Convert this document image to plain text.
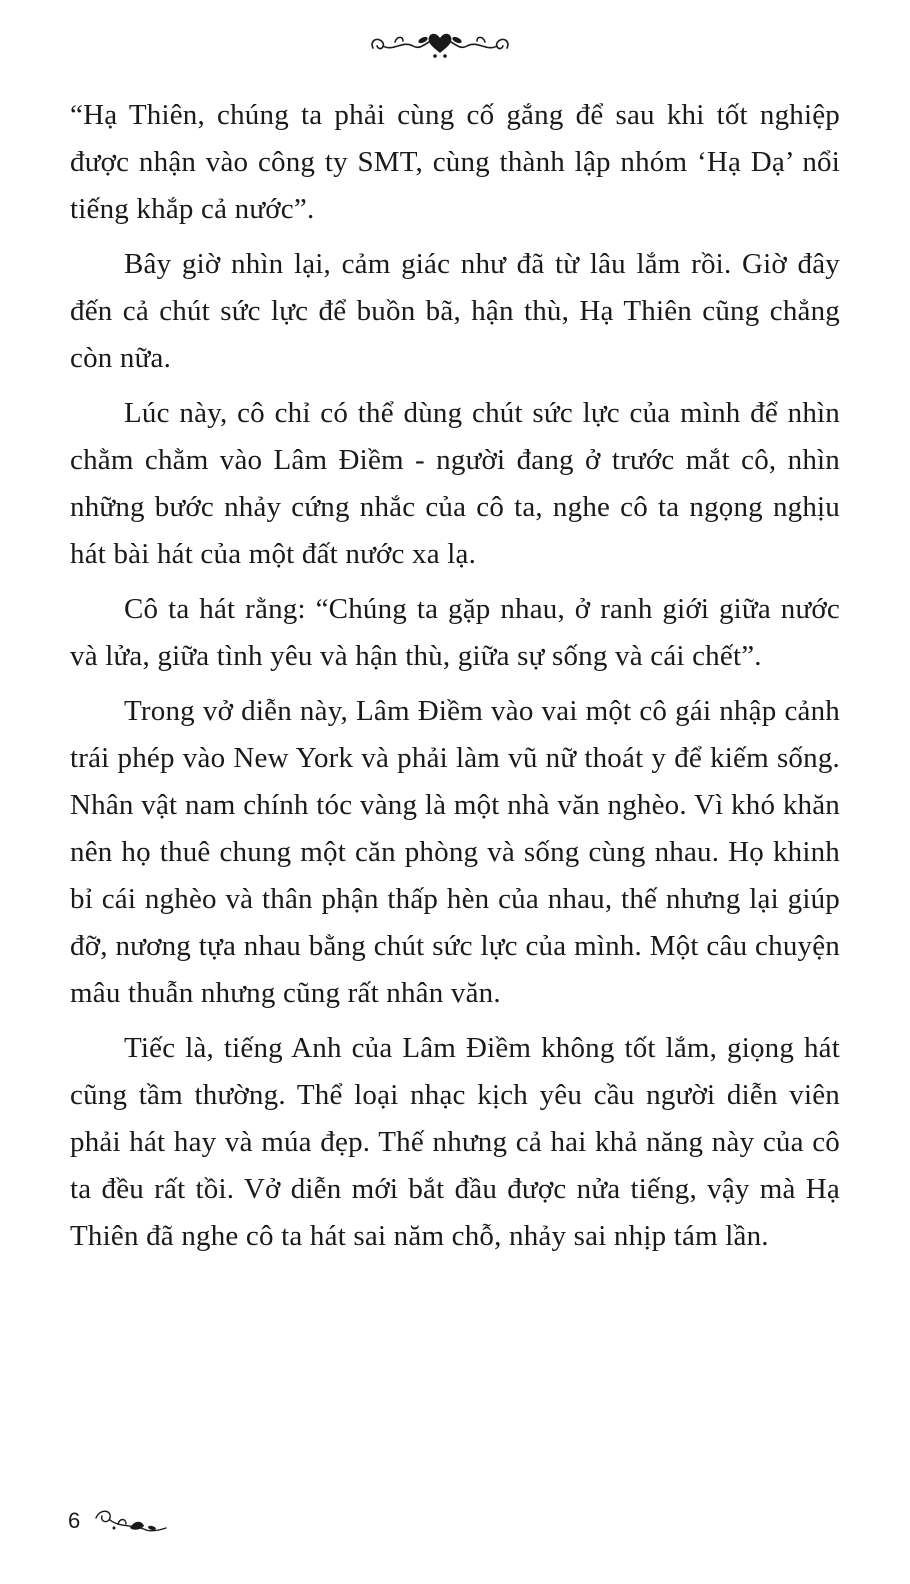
“Hạ Thiên, chúng ta phải cùng cố gắng để sau khi tốt nghiệp được nhận vào công ty SMT, cùng thành lập nhóm ‘Hạ Dạ’ nổi tiếng khắp cả nước”.

Bây giờ nhìn lại, cảm giác như đã từ lâu lắm rồi. Giờ đây đến cả chút sức lực để buồn bã, hận thù, Hạ Thiên cũng chẳng còn nữa.

Lúc này, cô chỉ có thể dùng chút sức lực của mình để nhìn chằm chằm vào Lâm Điềm - người đang ở trước mắt cô, nhìn những bước nhảy cứng nhắc của cô ta, nghe cô ta ngọng nghịu hát bài hát của một đất nước xa lạ.

Cô ta hát rằng: “Chúng ta gặp nhau, ở ranh giới giữa nước và lửa, giữa tình yêu và hận thù, giữa sự sống và cái chết”.

Trong vở diễn này, Lâm Điềm vào vai một cô gái nhập cảnh trái phép vào New York và phải làm vũ nữ thoát y để kiếm sống. Nhân vật nam chính tóc vàng là một nhà văn nghèo. Vì khó khăn nên họ thuê chung một căn phòng và sống cùng nhau. Họ khinh bỉ cái nghèo và thân phận thấp hèn của nhau, thế nhưng lại giúp đỡ, nương tựa nhau bằng chút sức lực của mình. Một câu chuyện mâu thuẫn nhưng cũng rất nhân văn.

Tiếc là, tiếng Anh của Lâm Điềm không tốt lắm, giọng hát cũng tầm thường. Thể loại nhạc kịch yêu cầu người diễn viên phải hát hay và múa đẹp. Thế nhưng cả hai khả năng này của cô ta đều rất tồi. Vở diễn mới bắt đầu được nửa tiếng, vậy mà Hạ Thiên đã nghe cô ta hát sai năm chỗ, nhảy sai nhịp tám lần.

6
